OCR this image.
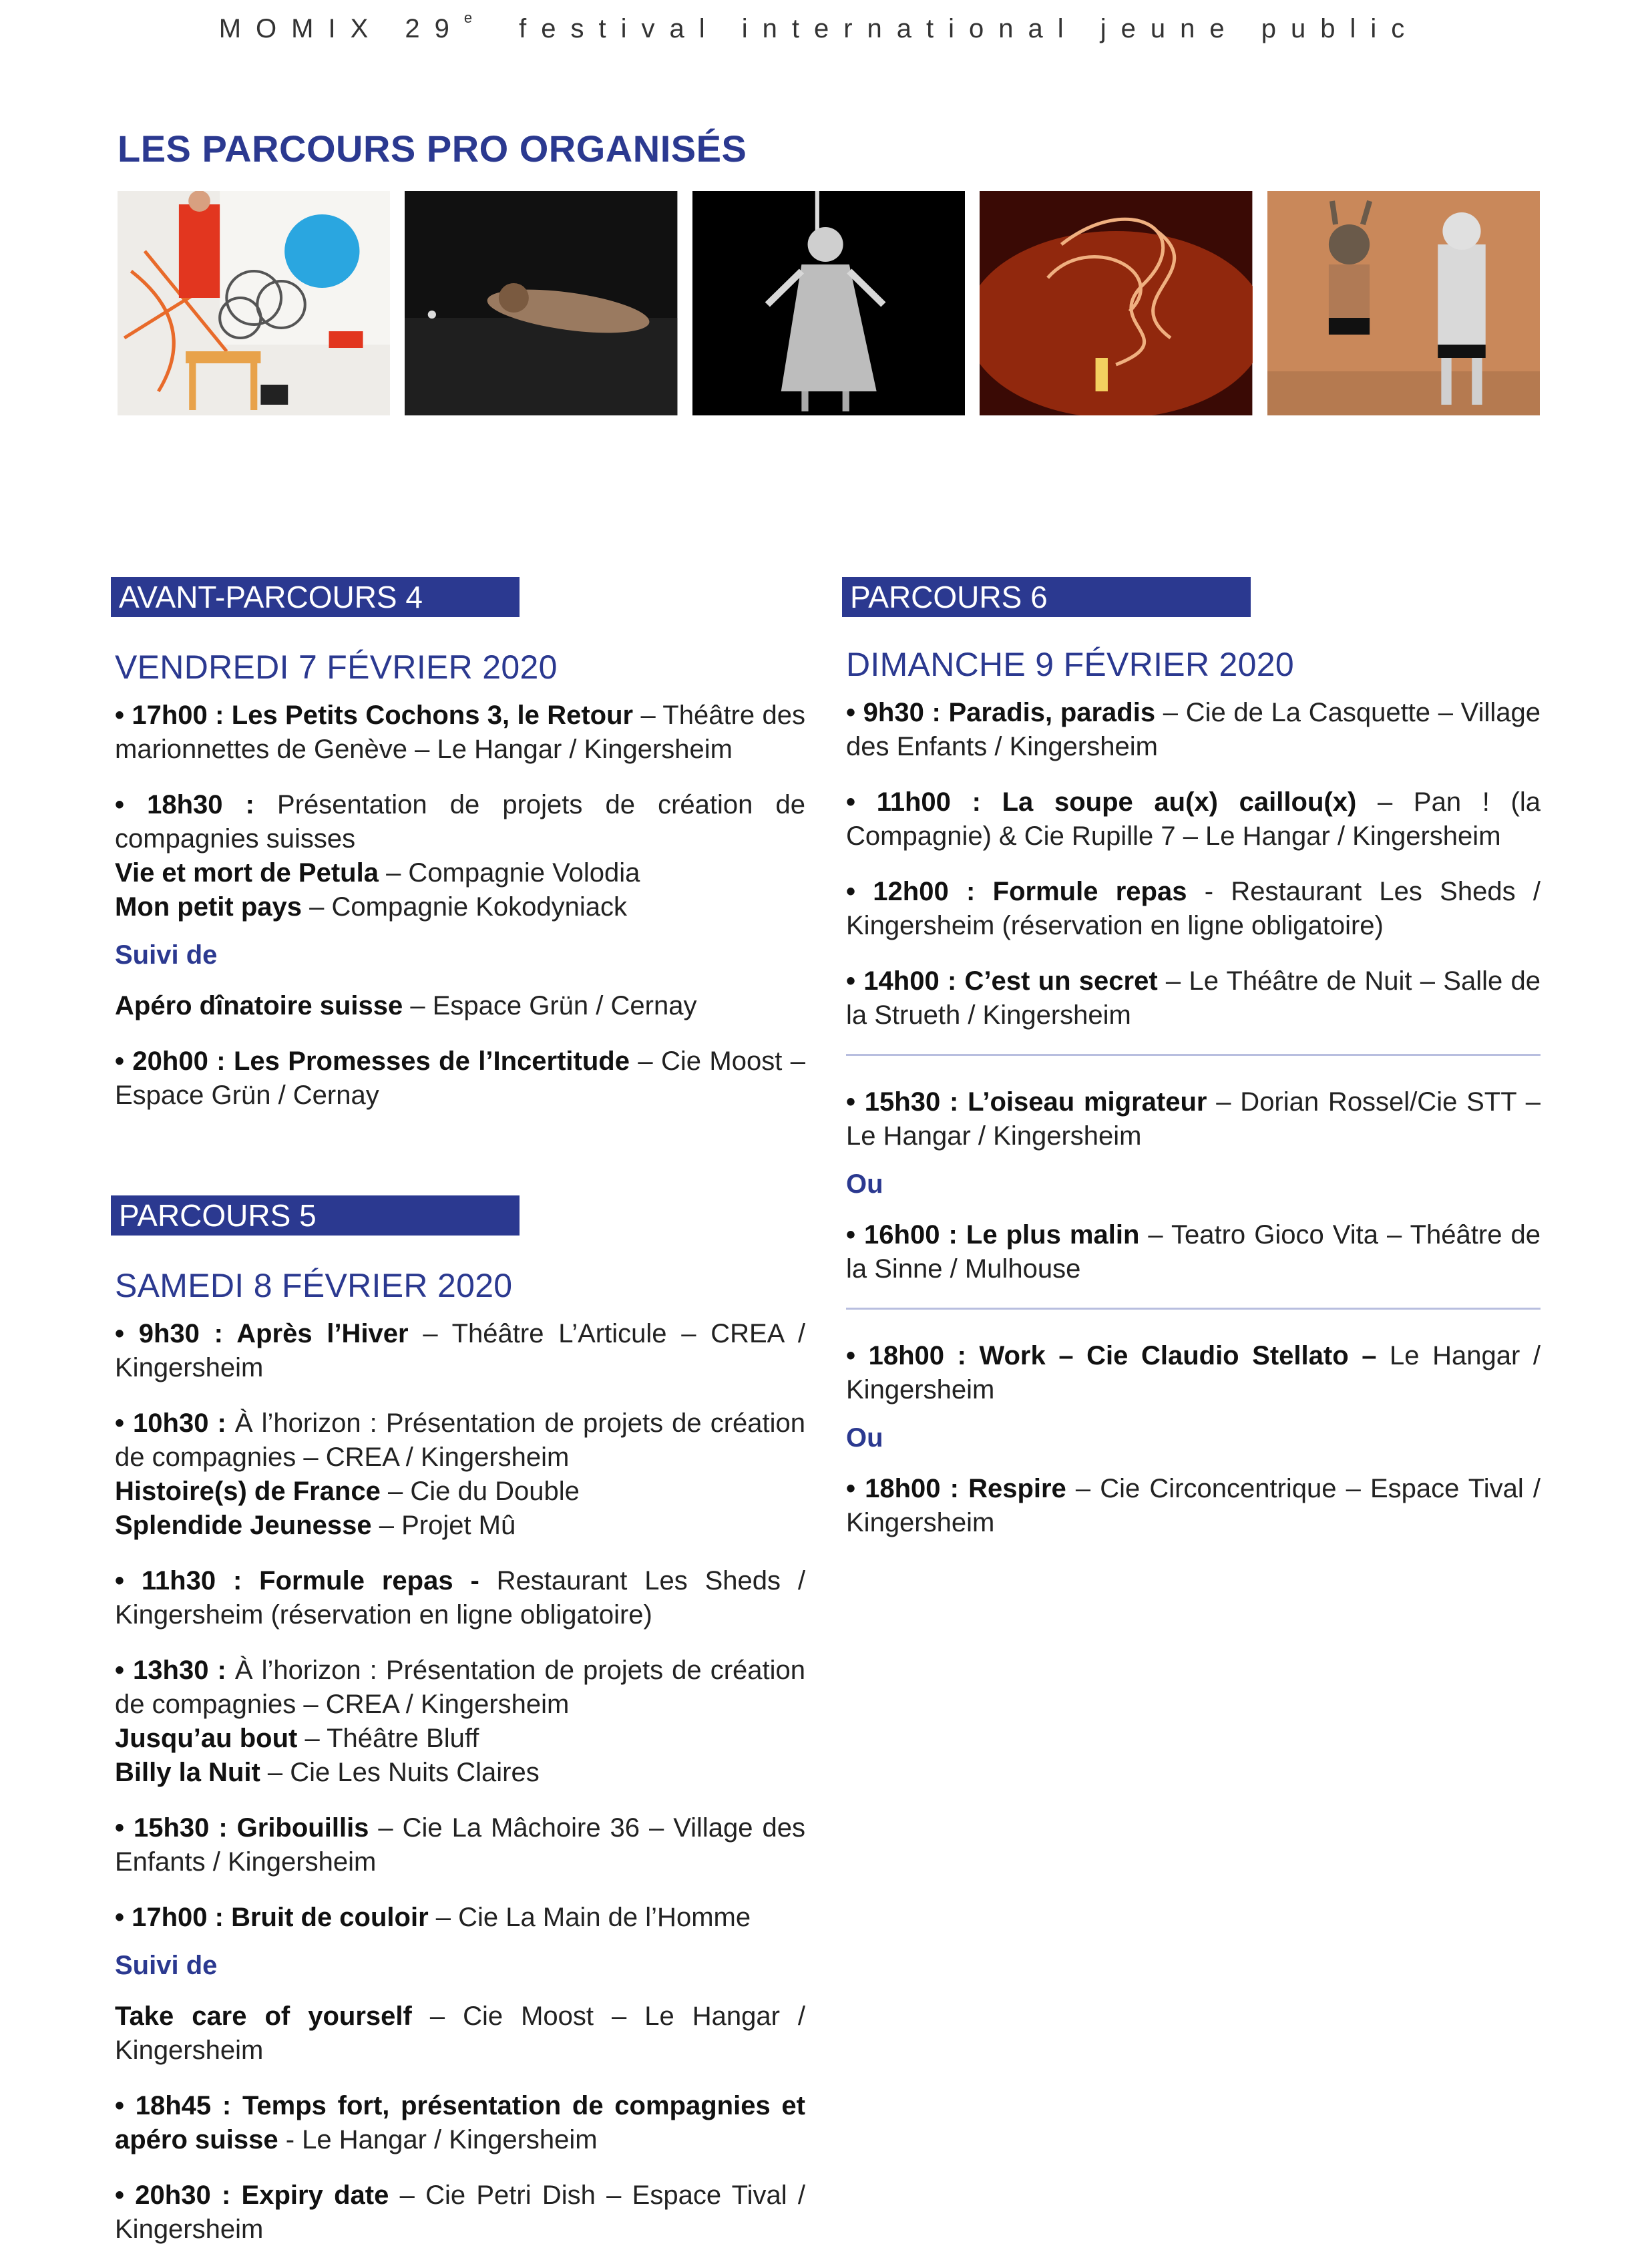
MOMIX 29e festival international jeune public
LES PARCOURS PRO ORGANISÉS
AVANT-PARCOURS 4
VENDREDI 7 FÉVRIER 2020
• 17h00 : Les Petits Cochons 3, le Retour – Théâtre des marionnettes de Genève – Le Hangar / Kingersheim
• 18h30 : Présentation de projets de création de compagnies suisses
Vie et mort de Petula – Compagnie Volodia
Mon petit pays – Compagnie Kokodyniack
Suivi de
Apéro dînatoire suisse – Espace Grün / Cernay
• 20h00 : Les Promesses de l’Incertitude – Cie Moost – Espace Grün / Cernay
PARCOURS 5
SAMEDI 8 FÉVRIER 2020
• 9h30 : Après l’Hiver – Théâtre L’Articule – CREA / Kingersheim
• 10h30 : À l’horizon : Présentation de projets de création de compagnies – CREA / Kingersheim
Histoire(s) de France – Cie du Double
Splendide Jeunesse – Projet Mû
• 11h30 : Formule repas - Restaurant Les Sheds / Kingersheim (réservation en ligne obligatoire)
• 13h30 : À l’horizon : Présentation de projets de création de compagnies – CREA / Kingersheim
Jusqu’au bout – Théâtre Bluff
Billy la Nuit – Cie Les Nuits Claires
• 15h30 : Gribouillis – Cie La Mâchoire 36 – Village des Enfants / Kingersheim
• 17h00 : Bruit de couloir – Cie La Main de l’Homme
Suivi de
Take care of yourself – Cie Moost – Le Hangar / Kingersheim
• 18h45 : Temps fort, présentation de compagnies et apéro suisse - Le Hangar / Kingersheim
• 20h30 : Expiry date – Cie Petri Dish – Espace Tival / Kingersheim
PARCOURS 6
DIMANCHE 9 FÉVRIER 2020
• 9h30 : Paradis, paradis – Cie de La Casquette – Village des Enfants / Kingersheim
• 11h00 : La soupe au(x) caillou(x) – Pan ! (la Compagnie) & Cie Rupille 7 – Le Hangar / Kingersheim
• 12h00 : Formule repas - Restaurant Les Sheds / Kingersheim (réservation en ligne obligatoire)
• 14h00 : C’est un secret – Le Théâtre de Nuit – Salle de la Strueth / Kingersheim
• 15h30 : L’oiseau migrateur – Dorian Rossel/Cie STT – Le Hangar / Kingersheim
Ou
• 16h00 : Le plus malin – Teatro Gioco Vita – Théâtre de la Sinne / Mulhouse
• 18h00 : Work – Cie Claudio Stellato – Le Hangar / Kingersheim
Ou
• 18h00 : Respire – Cie Circoncentrique – Espace Tival / Kingersheim
